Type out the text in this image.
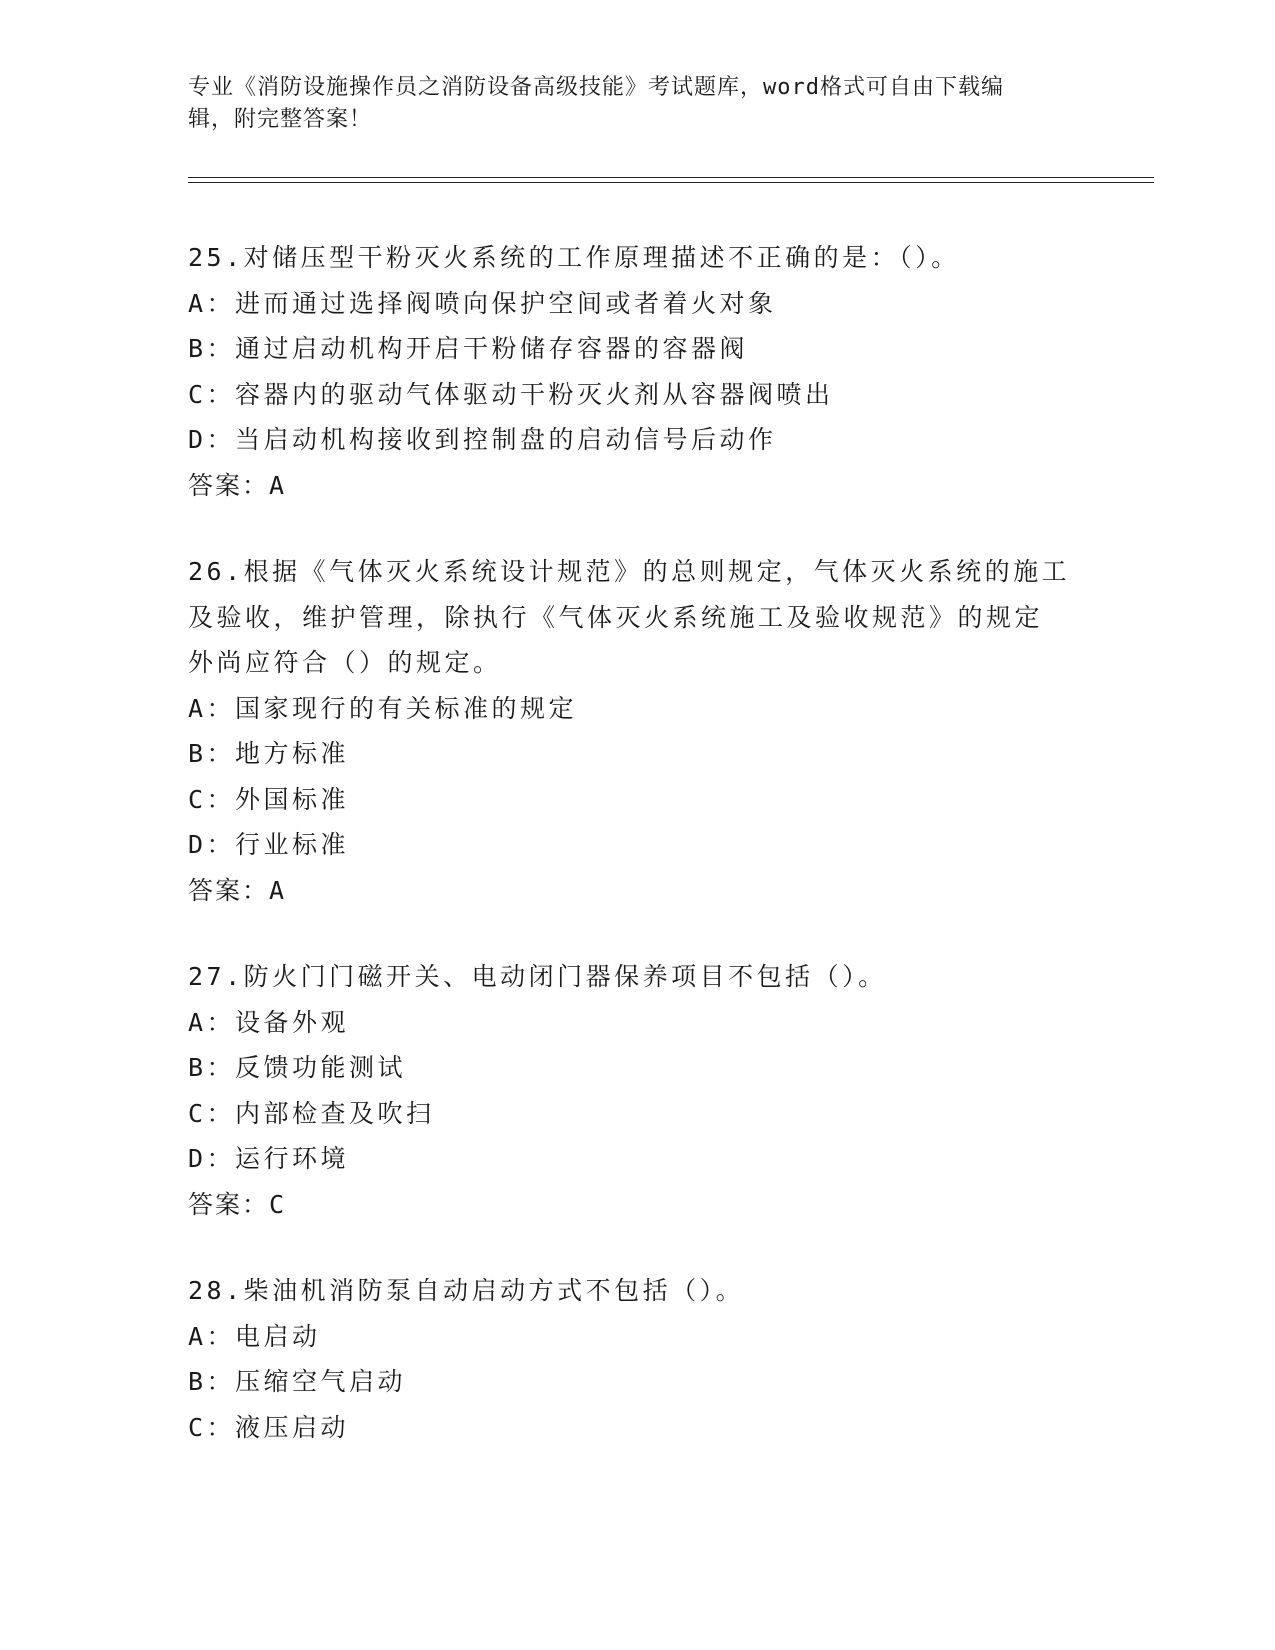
专业《消防设施操作员之消防设备高级技能》考试题库，word格式可自由下载编
辑，附完整答案！
25.对储压型干粉灭火系统的工作原理描述不正确的是：（）。
A：进而通过选择阀喷向保护空间或者着火对象
B：通过启动机构开启干粉储存容器的容器阀
C：容器内的驱动气体驱动干粉灭火剂从容器阀喷出
D：当启动机构接收到控制盘的启动信号后动作
答案：A
26.根据《气体灭火系统设计规范》的总则规定，气体灭火系统的施工
及验收，维护管理，除执行《气体灭火系统施工及验收规范》的规定
外尚应符合（）的规定。
A：国家现行的有关标准的规定
B：地方标准
C：外国标准
D：行业标准
答案：A
27.防火门门磁开关、电动闭门器保养项目不包括（）。
A：设备外观
B：反馈功能测试
C：内部检查及吹扫
D：运行环境
答案：C
28.柴油机消防泵自动启动方式不包括（）。
A：电启动
B：压缩空气启动
C：液压启动
